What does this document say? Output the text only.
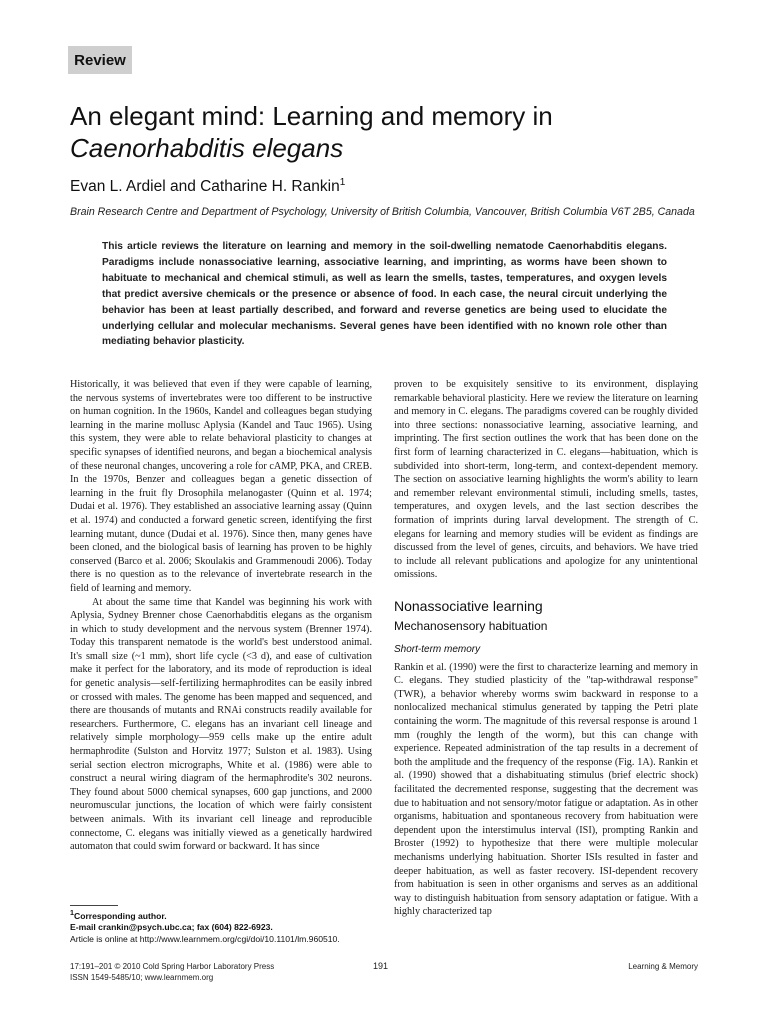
Review
An elegant mind: Learning and memory in
Caenorhabditis elegans
Evan L. Ardiel and Catharine H. Rankin$^1$
Brain Research Centre and Department of Psychology, University of British Columbia, Vancouver, British Columbia V6T 2B5, Canada

This article reviews the literature on learning and memory in the soil-dwelling nematode Caenorhabditis elegans. Paradigms include nonassociative learning, associative learning, and imprinting, as worms have been shown to habituate to mechanical and chemical stimuli, as well as learn the smells, tastes, temperatures, and oxygen levels that predict aversive chemicals or the presence or absence of food. In each case, the neural circuit underlying the behavior has been at least partially described, and forward and reverse genetics are being used to elucidate the underlying cellular and molecular mechanisms. Several genes have been identified with no known role other than mediating behavior plasticity.

Historically, it was believed that even if they were capable of learning, the nervous systems of invertebrates were too different to be instructive on human cognition. In the 1960s, Kandel and colleagues began studying learning in the marine mollusc Aplysia (Kandel and Tauc 1965). Using this system, they were able to relate behavioral plasticity to changes at specific synapses of identified neurons, and began a biochemical analysis of these neuronal changes, uncovering a role for cAMP, PKA, and CREB. In the 1970s, Benzer and colleagues began a genetic dissection of learning in the fruit fly Drosophila melanogaster (Quinn et al. 1974; Dudai et al. 1976). They established an associative learning assay (Quinn et al. 1974) and conducted a forward genetic screen, identifying the first learning mutant, dunce (Dudai et al. 1976). Since then, many genes have been cloned, and the biological basis of learning has proven to be highly conserved (Barco et al. 2006; Skoulakis and Grammenoudi 2006). Today there is no question as to the relevance of invertebrate research in the field of learning and memory.

At about the same time that Kandel was beginning his work with Aplysia, Sydney Brenner chose Caenorhabditis elegans as the organism in which to study development and the nervous system (Brenner 1974). Today this transparent nematode is the world's best understood animal. It's small size (~1 mm), short life cycle (<3 d), and ease of cultivation make it perfect for the laboratory, and its mode of reproduction is ideal for genetic analysis—self-fertilizing hermaphrodites can be easily inbred or crossed with males. The genome has been mapped and sequenced, and there are thousands of mutants and RNAi constructs readily available for researchers. Furthermore, C. elegans has an invariant cell lineage and relatively simple morphology—959 cells make up the entire adult hermaphrodite (Sulston and Horvitz 1977; Sulston et al. 1983). Using serial section electron micrographs, White et al. (1986) were able to construct a neural wiring diagram of the hermaphrodite's 302 neurons. They found about 5000 chemical synapses, 600 gap junctions, and 2000 neuromuscular junctions, the location of which were fairly consistent between animals. With its invariant cell lineage and reproducible connectome, C. elegans was initially viewed as a genetically hardwired automaton that could swim forward or backward. It has since

proven to be exquisitely sensitive to its environment, displaying remarkable behavioral plasticity. Here we review the literature on learning and memory in C. elegans. The paradigms covered can be roughly divided into three sections: nonassociative learning, associative learning, and imprinting. The first section outlines the work that has been done on the first form of learning characterized in C. elegans—habituation, which is subdivided into short-term, long-term, and context-dependent memory. The section on associative learning highlights the worm's ability to learn and remember relevant environmental stimuli, including smells, tastes, temperatures, and oxygen levels, and the last section describes the formation of imprints during larval development. The strength of C. elegans for learning and memory studies will be evident as findings are discussed from the level of genes, circuits, and behaviors. We have tried to include all relevant publications and apologize for any unintentional omissions.

Nonassociative learning
Mechanosensory habituation
Short-term memory

Rankin et al. (1990) were the first to characterize learning and memory in C. elegans. They studied plasticity of the "tap-withdrawal response" (TWR), a behavior whereby worms swim backward in response to a nonlocalized mechanical stimulus generated by tapping the Petri plate containing the worm. The magnitude of this reversal response is around 1 mm (roughly the length of the worm), but this can change with experience. Repeated administration of the tap results in a decrement of both the amplitude and the frequency of the response (Fig. 1A). Rankin et al. (1990) showed that a dishabituating stimulus (brief electric shock) facilitated the decremented response, suggesting that the decrement was due to habituation and not sensory/motor fatigue or adaptation. As in other organisms, habituation and spontaneous recovery from habituation were dependent upon the interstimulus interval (ISI), prompting Rankin and Broster (1992) to hypothesize that there were multiple molecular mechanisms underlying habituation. Shorter ISIs resulted in faster and deeper habituation, as well as faster recovery. ISI-dependent recovery from habituation is seen in other organisms and serves as an additional way to distinguish habituation from sensory adaptation or fatigue. With a highly characterized tap

$^1$Corresponding author.
E-mail crankin@psych.ubc.ca; fax (604) 822-6923.
Article is online at http://www.learnmem.org/cgi/doi/10.1101/lm.960510.
17:191–201 © 2010 Cold Spring Harbor Laboratory Press
ISSN 1549-5485/10; www.learnmem.org
191	Learning & Memory
